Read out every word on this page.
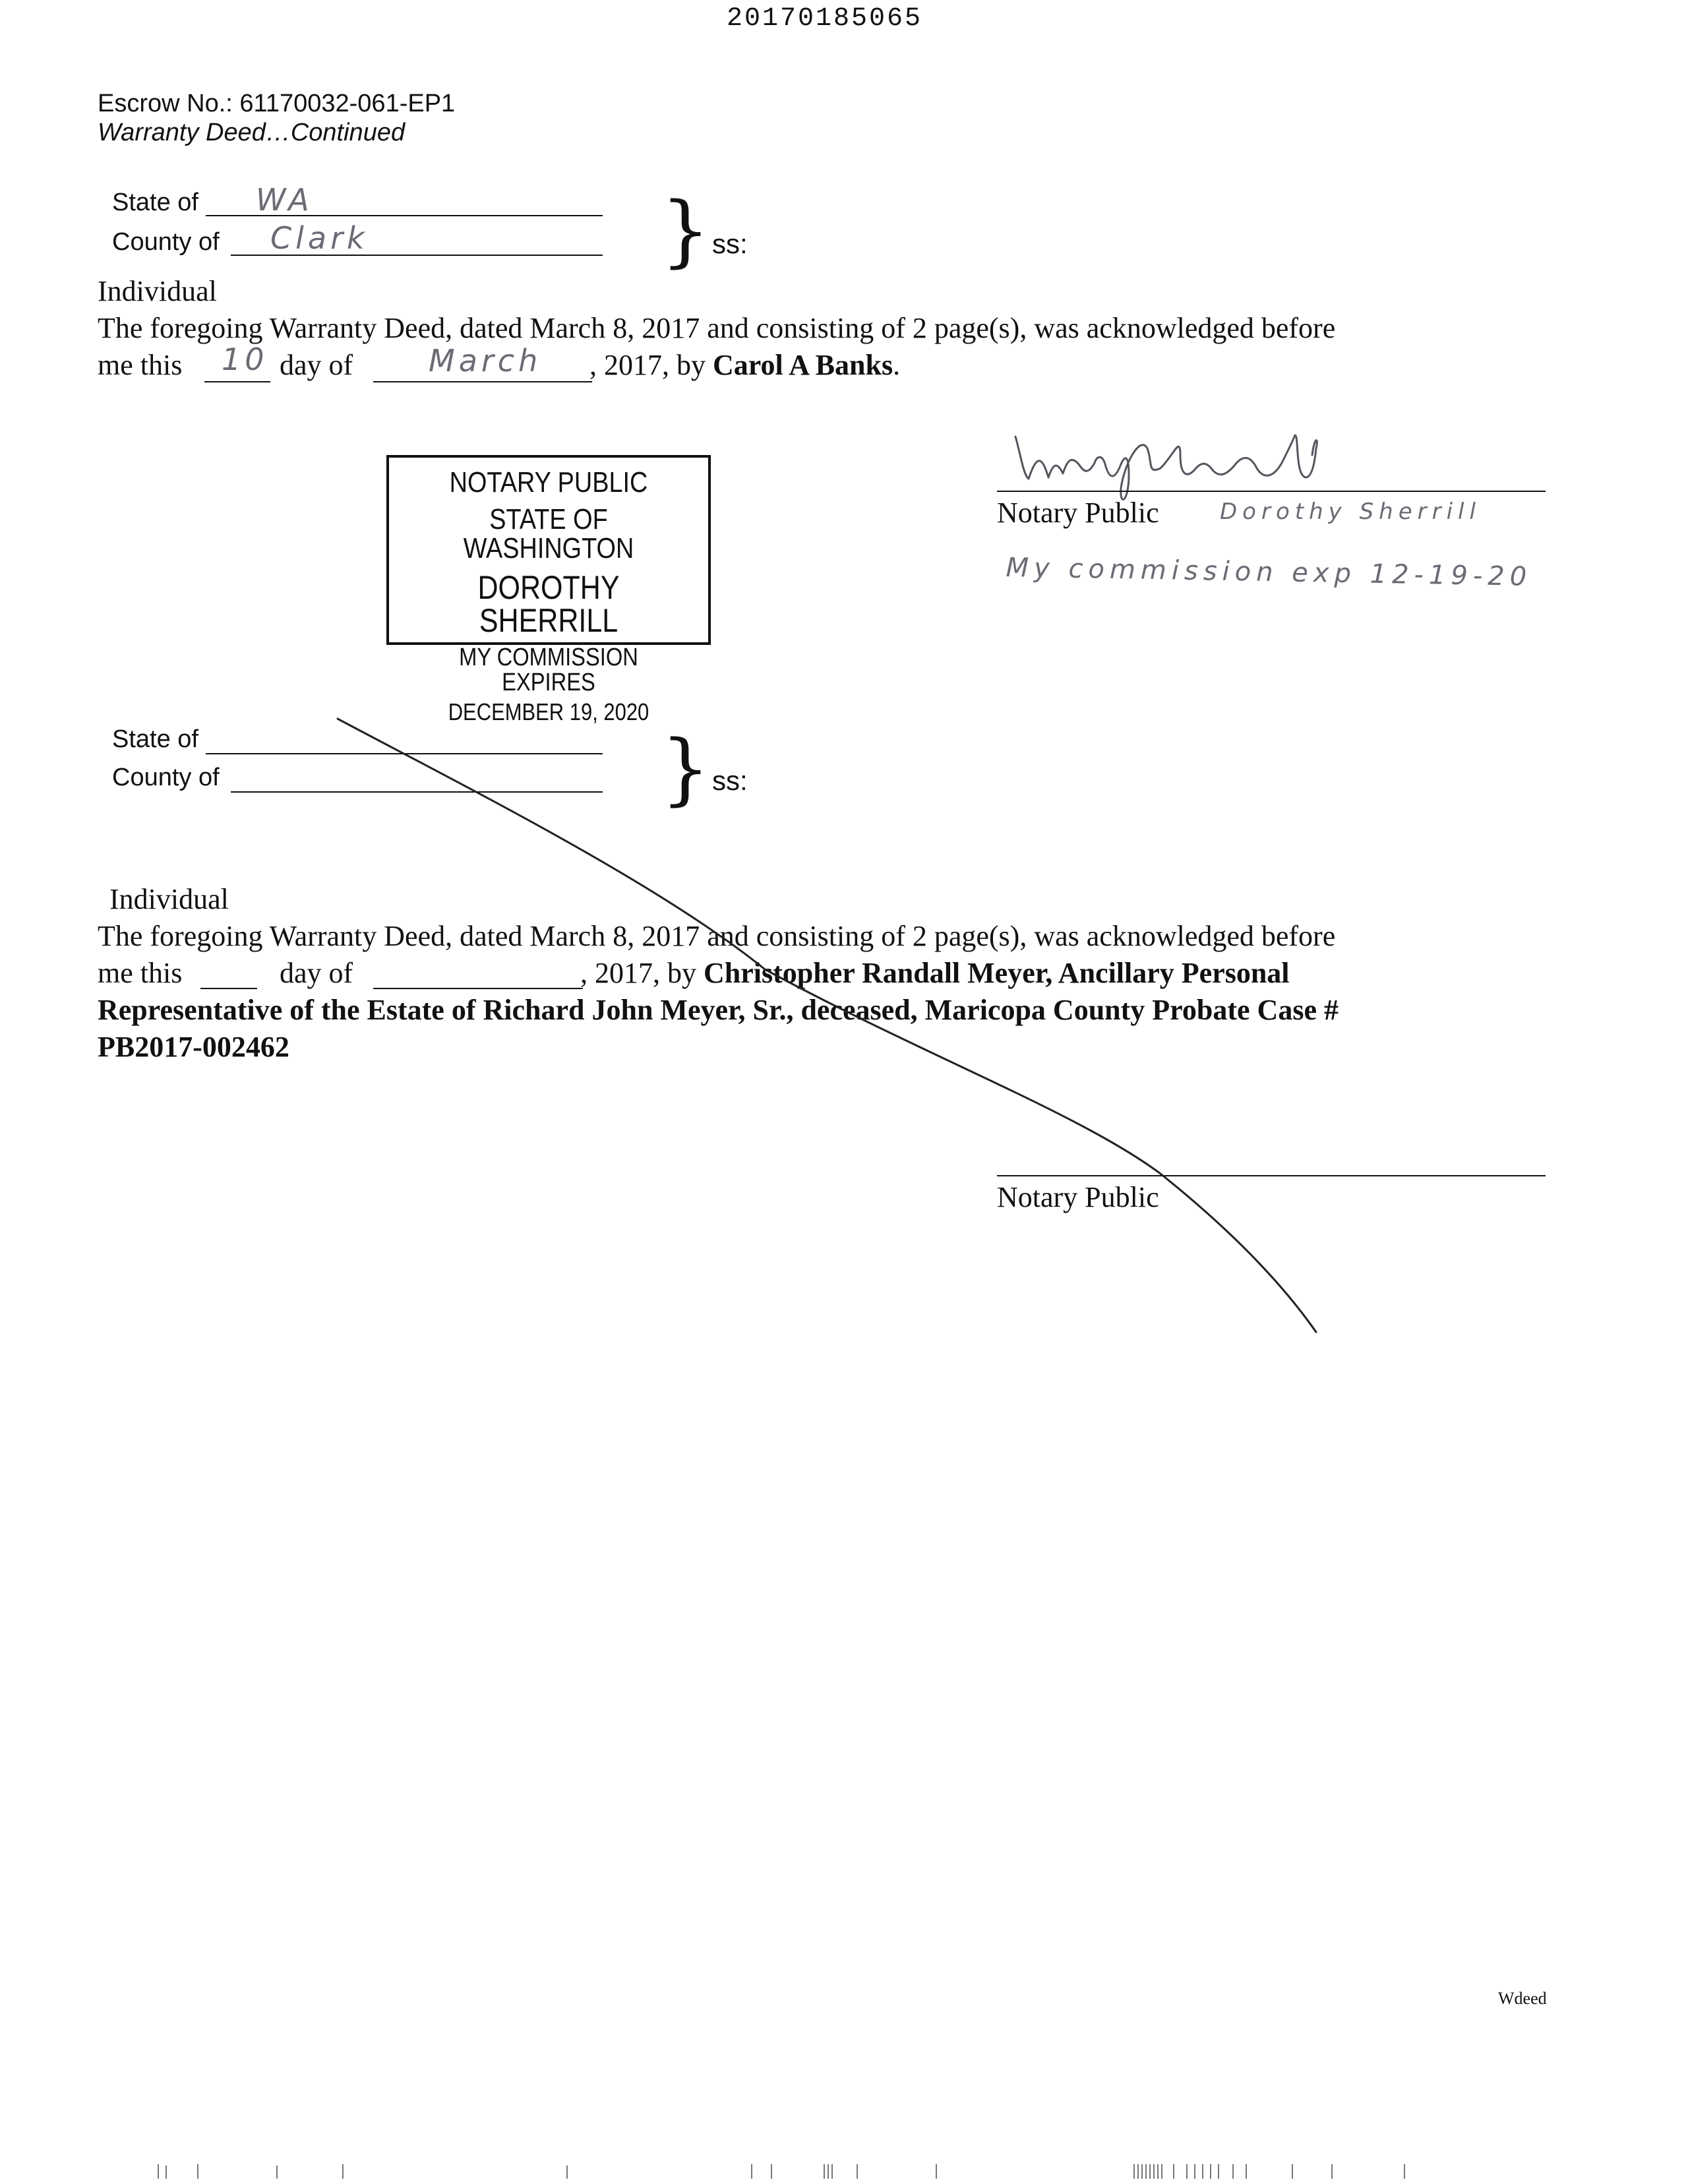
20170185065
Escrow No.: 61170032-061-EP1
Warranty Deed…Continued
State of WA
County of Clark	} ss:
Individual
The foregoing Warranty Deed, dated March 8, 2017 and consisting of 2 page(s), was acknowledged before
me this 10 day of March , 2017, by Carol A Banks.
NOTARY PUBLIC
STATE OF WASHINGTON
DOROTHY SHERRILL
MY COMMISSION EXPIRES
DECEMBER 19, 2020
Notary Public	Dorothy Sherrill
My commission exp 12-19-20
State of
County of	} ss:
Individual
The foregoing Warranty Deed, dated March 8, 2017 and consisting of 2 page(s), was acknowledged before
me this	day of	, 2017, by Christopher Randall Meyer, Ancillary Personal
Representative of the Estate of Richard John Meyer, Sr., deceased, Maricopa County Probate Case #
PB2017-002462
Notary Public
Wdeed
